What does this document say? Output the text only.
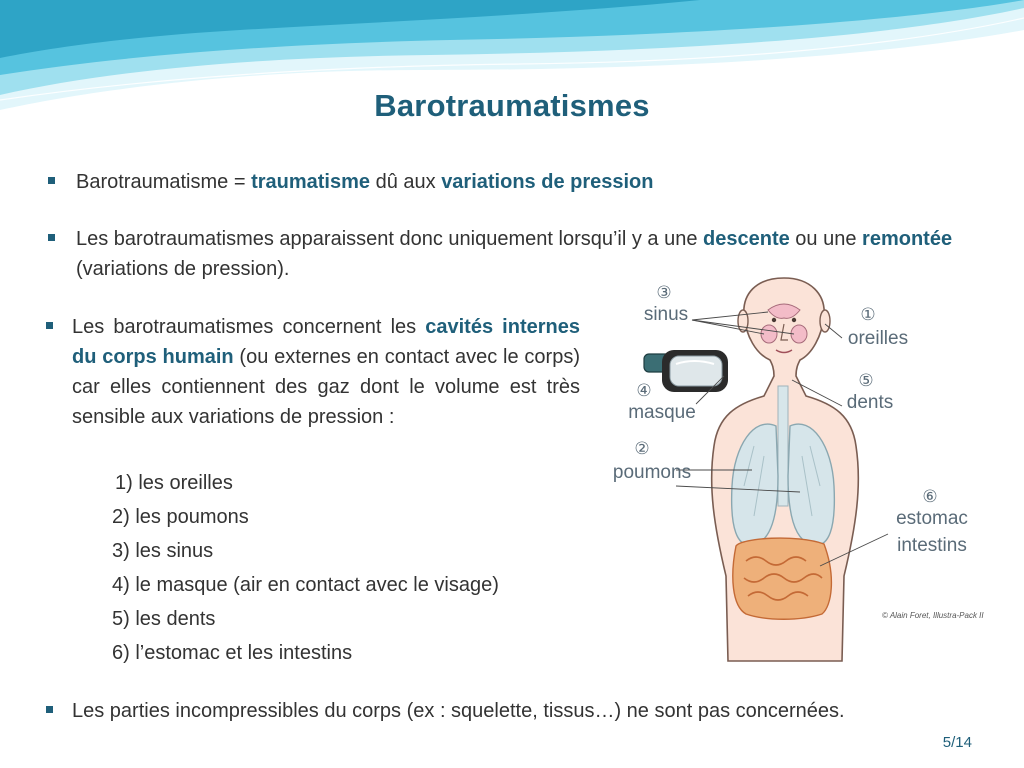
Barotraumatismes
Barotraumatisme = traumatisme dû aux variations de pression
Les barotraumatismes apparaissent donc uniquement lorsqu’il y a une descente ou une remontée (variations de pression).
Les barotraumatismes concernent les cavités internes du corps humain (ou externes en contact avec le corps) car elles contiennent des gaz dont le volume est très sensible aux variations de pression :
1) les oreilles
2) les poumons
3) les sinus
4) le masque (air en contact avec le visage)
5) les dents
6) l’estomac et les intestins
Les parties incompressibles du corps (ex : squelette, tissus…) ne sont pas concernées.
③
sinus	①
oreilles
④
masque
⑤
dents
②
poumons
⑥
estomac
intestins
© Alain Foret, Illustra-Pack II
5/14
